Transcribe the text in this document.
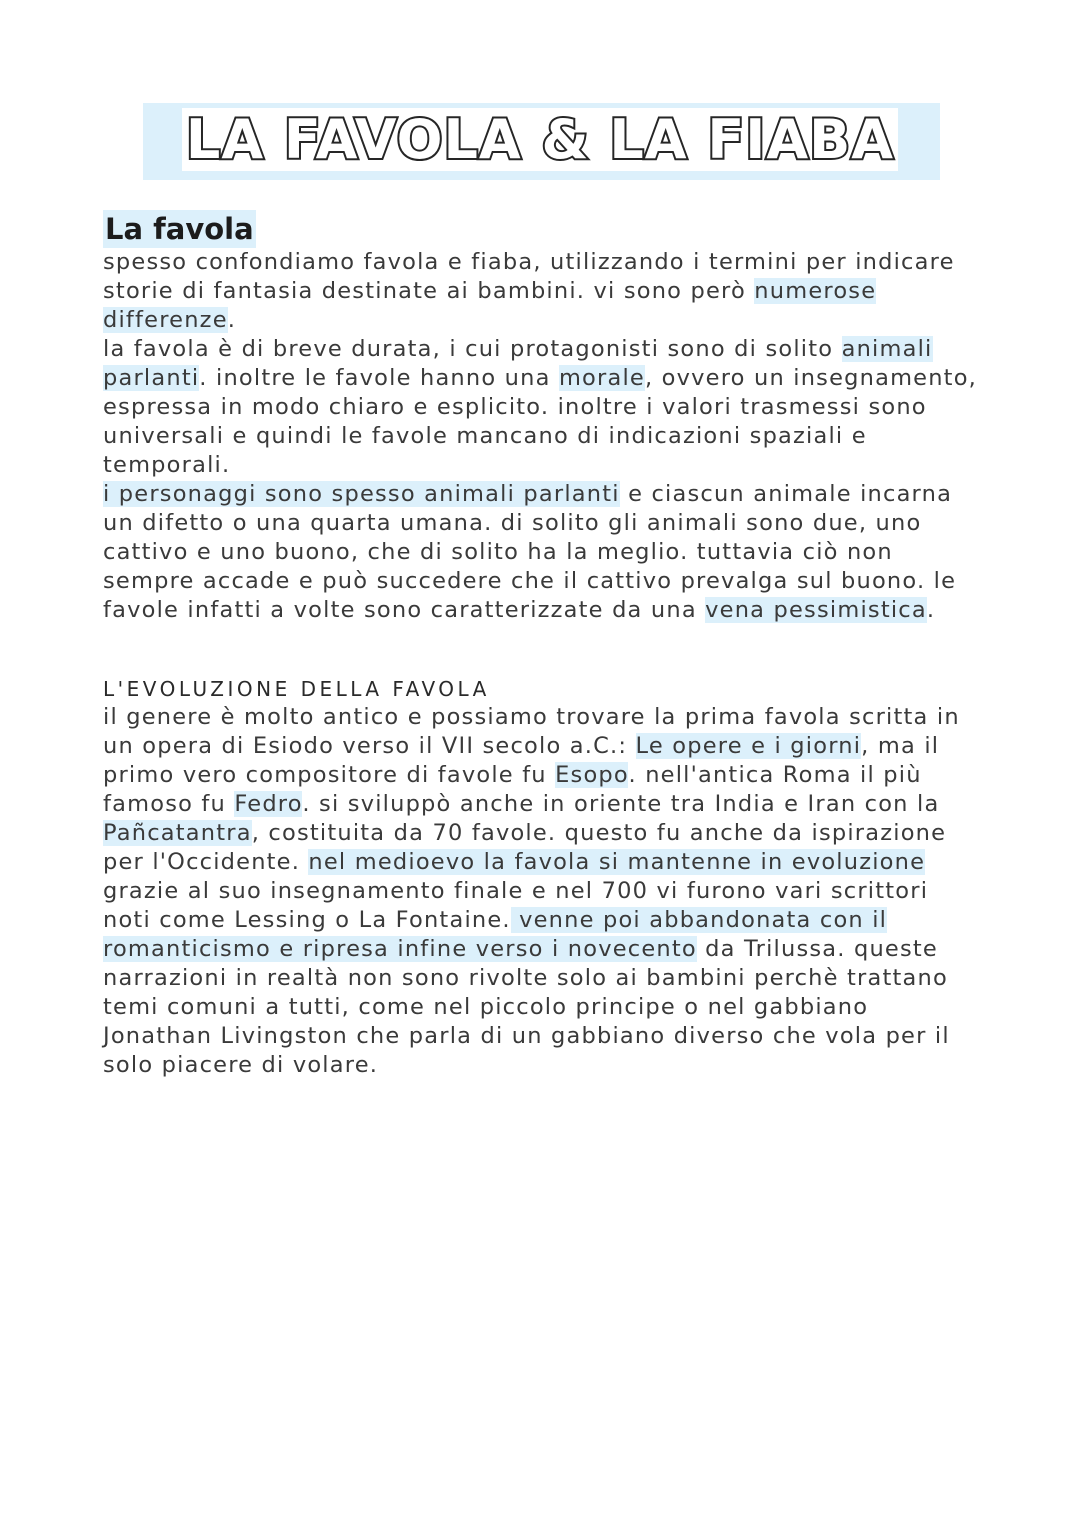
LA FAVOLA & LA FIABA
La favola

spesso confondiamo favola e fiaba, utilizzando i termini per indicare storie di fantasia destinate ai bambini. vi sono però numerose differenze.

la favola è di breve durata, i cui protagonisti sono di solito animali parlanti. inoltre le favole hanno una morale, ovvero un insegnamento, espressa in modo chiaro e esplicito. inoltre i valori trasmessi sono universali e quindi le favole mancano di indicazioni spaziali e temporali.

i personaggi sono spesso animali parlanti e ciascun animale incarna un difetto o una quarta umana. di solito gli animali sono due, uno cattivo e uno buono, che di solito ha la meglio. tuttavia ciò non sempre accade e può succedere che il cattivo prevalga sul buono. le favole infatti a volte sono caratterizzate da una vena pessimistica.

L'EVOLUZIONE DELLA FAVOLA

il genere è molto antico e possiamo trovare la prima favola scritta in un opera di Esiodo verso il VII secolo a.C.: Le opere e i giorni, ma il primo vero compositore di favole fu Esopo. nell'antica Roma il più famoso fu Fedro. si sviluppò anche in oriente tra India e Iran con la Pañcatantra, costituita da 70 favole. questo fu anche da ispirazione per l'Occidente. nel medioevo la favola si mantenne in evoluzione grazie al suo insegnamento finale e nel 700 vi furono vari scrittori noti come Lessing o La Fontaine. venne poi abbandonata con il romanticismo e ripresa infine verso i novecento da Trilussa. queste narrazioni in realtà non sono rivolte solo ai bambini perchè trattano temi comuni a tutti, come nel piccolo principe o nel gabbiano Jonathan Livingston che parla di un gabbiano diverso che vola per il solo piacere di volare.
